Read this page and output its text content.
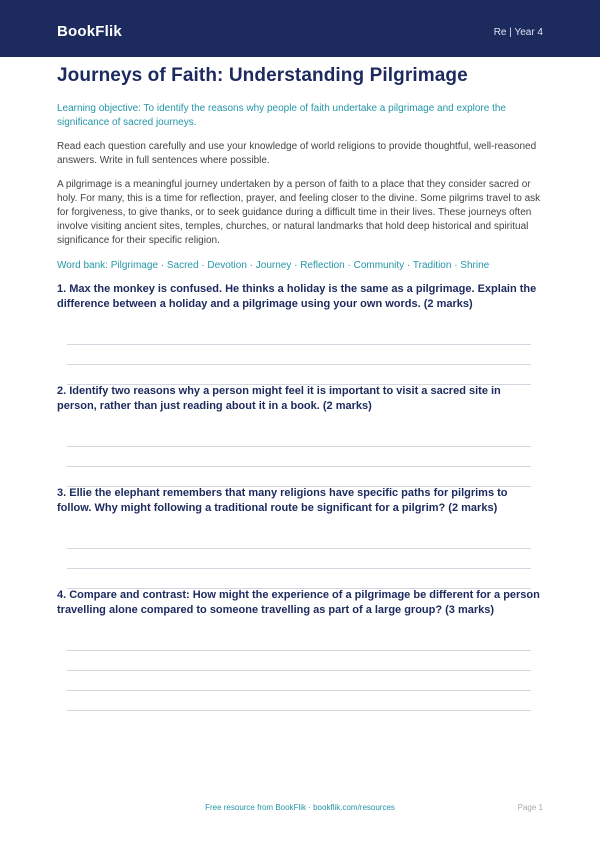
BookFlik	Re | Year 4
Journeys of Faith: Understanding Pilgrimage

Learning objective: To identify the reasons why people of faith undertake a pilgrimage and explore the significance of sacred journeys.

Read each question carefully and use your knowledge of world religions to provide thoughtful, well-reasoned answers. Write in full sentences where possible.

A pilgrimage is a meaningful journey undertaken by a person of faith to a place that they consider sacred or holy. For many, this is a time for reflection, prayer, and feeling closer to the divine. Some pilgrims travel to ask for forgiveness, to give thanks, or to seek guidance during a difficult time in their lives. These journeys often involve visiting ancient sites, temples, churches, or natural landmarks that hold deep historical and spiritual significance for their specific religion.

Word bank: Pilgrimage · Sacred · Devotion · Journey · Reflection · Community · Tradition · Shrine

1. Max the monkey is confused. He thinks a holiday is the same as a pilgrimage. Explain the difference between a holiday and a pilgrimage using your own words. (2 marks)

2. Identify two reasons why a person might feel it is important to visit a sacred site in person, rather than just reading about it in a book. (2 marks)

3. Ellie the elephant remembers that many religions have specific paths for pilgrims to follow. Why might following a traditional route be significant for a pilgrim? (2 marks)

4. Compare and contrast: How might the experience of a pilgrimage be different for a person travelling alone compared to someone travelling as part of a large group? (3 marks)

Free resource from BookFlik · bookflik.com/resources	Page 1
